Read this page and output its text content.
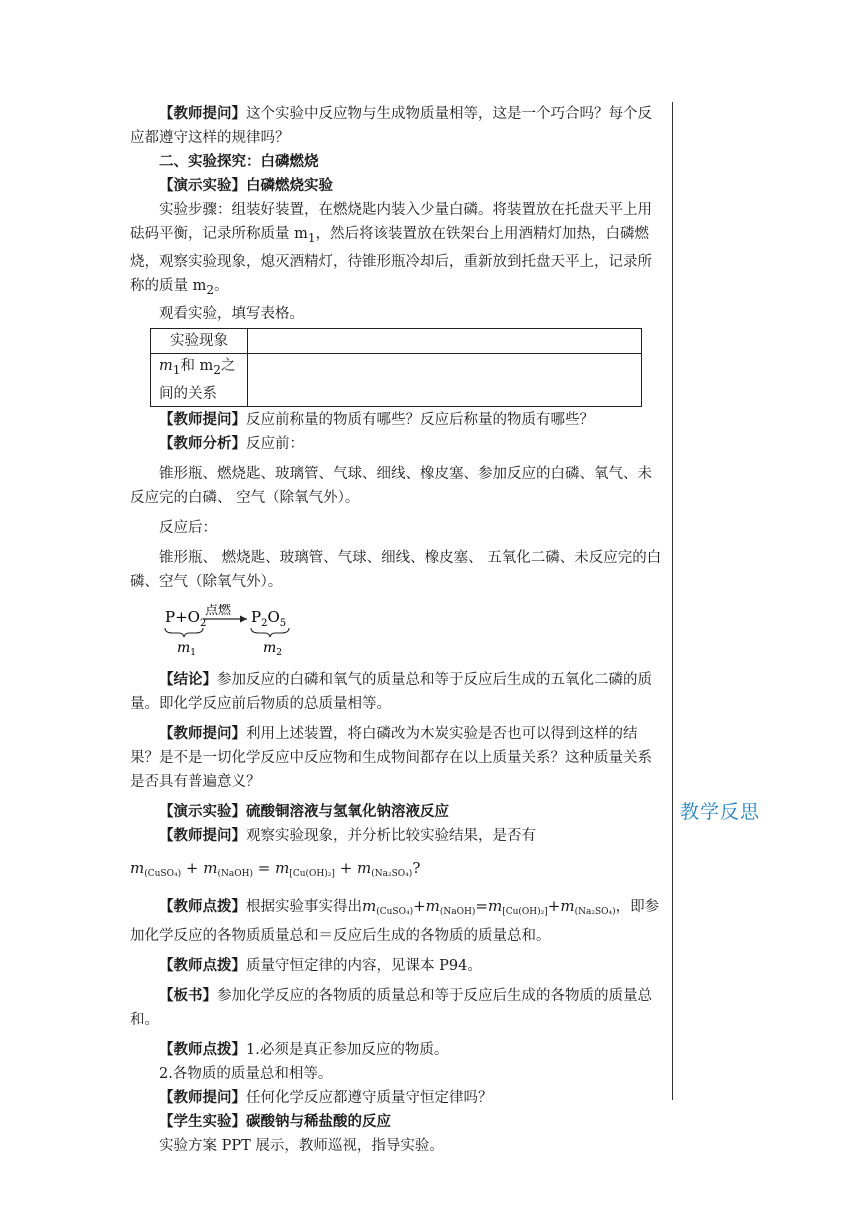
教学反思

【教师提问】这个实验中反应物与生成物质量相等，这是一个巧合吗？每个反应都遵守这样的规律吗？

二、实验探究：白磷燃烧

【演示实验】白磷燃烧实验

实验步骤：组装好装置，在燃烧匙内装入少量白磷。将装置放在托盘天平上用砝码平衡，记录所称质量 $m_1$，然后将该装置放在铁架台上用酒精灯加热，白磷燃烧，观察实验现象，熄灭酒精灯，待锥形瓶冷却后，重新放到托盘天平上，记录所称的质量 $m_2$。

观看实验，填写表格。

实验现象	
$m_1$和 $m_2$之间的关系	

【教师提问】反应前称量的物质有哪些？反应后称量的物质有哪些？

【教师分析】反应前：

锥形瓶、燃烧匙、玻璃管、气球、细线、橡皮塞、参加反应的白磷、氧气、未反应完的白磷、 空气（除氧气外）。

反应后：

锥形瓶、 燃烧匙、玻璃管、气球、细线、橡皮塞、 五氧化二磷、未反应完的白磷、空气（除氧气外）。

$P+O_2$
点燃 $P_2O_5$
$m_1$	$m_2$

【结论】参加反应的白磷和氧气的质量总和等于反应后生成的五氧化二磷的质量。即化学反应前后物质的总质量相等。

【教师提问】利用上述装置，将白磷改为木炭实验是否也可以得到这样的结果？是不是一切化学反应中反应物和生成物间都存在以上质量关系？这种质量关系是否具有普遍意义？

【演示实验】硫酸铜溶液与氢氧化钠溶液反应

【教师提问】观察实验现象，并分析比较实验结果，是否有

$m_{(CuSO_4)} + m_{(NaOH)} = m_{[Cu(OH)_2]} + m_{(Na_2SO_4)}$?

【教师点拨】根据实验事实得出$m_{(CuSO_4)}+m_{(NaOH)}=m_{[Cu(OH)_2]}+m_{(Na_2SO_4)}$，即参加化学反应的各物质质量总和＝反应后生成的各物质的质量总和。

【教师点拨】质量守恒定律的内容，见课本 P94。

【板书】参加化学反应的各物质的质量总和等于反应后生成的各物质的质量总和。

【教师点拨】1.必须是真正参加反应的物质。

2.各物质的质量总和相等。

【教师提问】任何化学反应都遵守质量守恒定律吗？

【学生实验】碳酸钠与稀盐酸的反应

实验方案 PPT 展示，教师巡视，指导实验。
